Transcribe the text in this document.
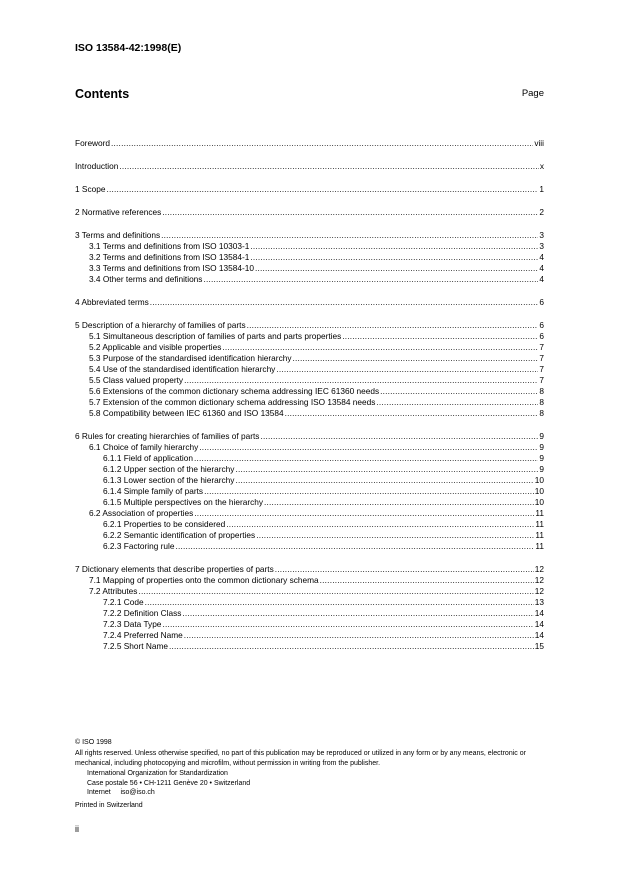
ISO 13584-42:1998(E)
Contents	Page
Foreword .....	viii
Introduction .....	x
1 Scope .....	1
2 Normative references .....	2
3 Terms and definitions .....	3
3.1 Terms and definitions from ISO 10303-1 .....	3
3.2 Terms and definitions from ISO 13584-1 .....	4
3.3 Terms and definitions from ISO 13584-10 .....	4
3.4 Other terms and definitions .....	4
4 Abbreviated terms .....	6
5 Description of a hierarchy of families of parts .....	6
5.1 Simultaneous description of families of parts and parts properties .....	6
5.2 Applicable and visible properties .....	7
5.3 Purpose of the standardised identification hierarchy .....	7
5.4 Use of the standardised identification hierarchy .....	7
5.5 Class valued property .....	7
5.6 Extensions of the common dictionary schema addressing IEC 61360 needs .....	8
5.7 Extension of the common dictionary schema addressing ISO 13584 needs .....	8
5.8 Compatibility between IEC 61360 and ISO 13584 .....	8
6 Rules for creating hierarchies of families of parts .....	9
6.1 Choice of family hierarchy .....	9
6.1.1 Field of application .....	9
6.1.2 Upper section of the hierarchy .....	9
6.1.3 Lower section of the hierarchy .....	10
6.1.4 Simple family of parts .....	10
6.1.5 Multiple perspectives on the hierarchy .....	10
6.2 Association of properties .....	11
6.2.1 Properties to be considered .....	11
6.2.2 Semantic identification of properties .....	11
6.2.3 Factoring rule .....	11
7 Dictionary elements that describe properties of parts .....	12
7.1 Mapping of properties onto the common dictionary schema .....	12
7.2 Attributes .....	12
7.2.1 Code .....	13
7.2.2 Definition Class .....	14
7.2.3 Data Type .....	14
7.2.4 Preferred Name .....	14
7.2.5 Short Name .....	15
© ISO 1998
All rights reserved. Unless otherwise specified, no part of this publication may be reproduced or utilized in any form or by any means, electronic or mechanical, including photocopying and microfilm, without permission in writing from the publisher.
International Organization for Standardization
Case postale 56 • CH-1211 Genève 20 • Switzerland
Internet     iso@iso.ch
Printed in Switzerland
ii
